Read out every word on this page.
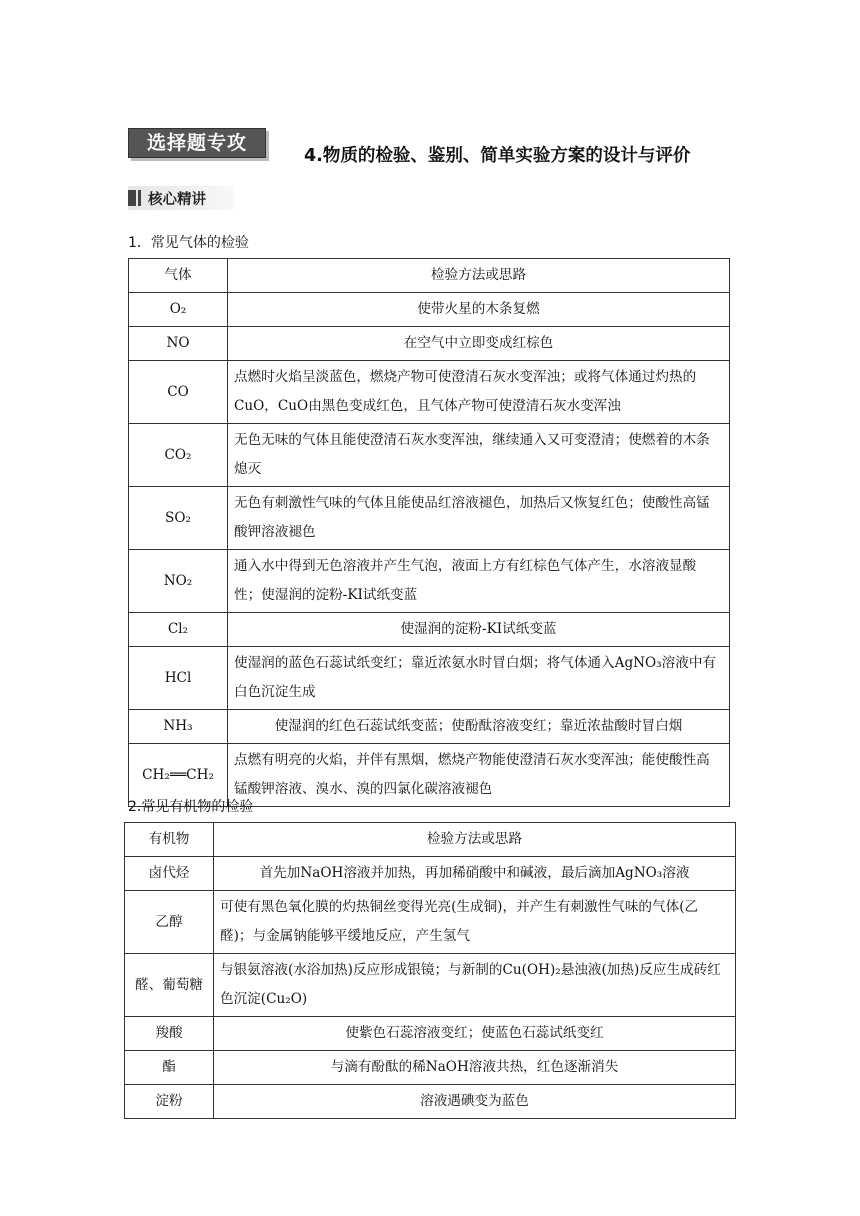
选择题专攻
4.物质的检验、鉴别、简单实验方案的设计与评价
核心精讲
1．常见气体的检验
气体	检验方法或思路
O₂	使带火星的木条复燃
NO	在空气中立即变成红棕色
CO	点燃时火焰呈淡蓝色，燃烧产物可使澄清石灰水变浑浊；或将气体通过灼热的CuO，CuO由黑色变成红色，且气体产物可使澄清石灰水变浑浊
CO₂	无色无味的气体且能使澄清石灰水变浑浊，继续通入又可变澄清；使燃着的木条熄灭
SO₂	无色有刺激性气味的气体且能使品红溶液褪色，加热后又恢复红色；使酸性高锰酸钾溶液褪色
NO₂	通入水中得到无色溶液并产生气泡，液面上方有红棕色气体产生，水溶液显酸性；使湿润的淀粉-KI试纸变蓝
Cl₂	使湿润的淀粉-KI试纸变蓝
HCl	使湿润的蓝色石蕊试纸变红；靠近浓氨水时冒白烟；将气体通入AgNO₃溶液中有白色沉淀生成
NH₃	使湿润的红色石蕊试纸变蓝；使酚酞溶液变红；靠近浓盐酸时冒白烟
CH₂══CH₂	点燃有明亮的火焰，并伴有黑烟，燃烧产物能使澄清石灰水变浑浊；能使酸性高锰酸钾溶液、溴水、溴的四氯化碳溶液褪色
2.常见有机物的检验
有机物	检验方法或思路
卤代烃	首先加NaOH溶液并加热，再加稀硝酸中和碱液，最后滴加AgNO₃溶液
乙醇	可使有黑色氧化膜的灼热铜丝变得光亮(生成铜)，并产生有刺激性气味的气体(乙醛)；与金属钠能够平缓地反应，产生氢气
醛、葡萄糖	与银氨溶液(水浴加热)反应形成银镜；与新制的Cu(OH)₂悬浊液(加热)反应生成砖红色沉淀(Cu₂O)
羧酸	使紫色石蕊溶液变红；使蓝色石蕊试纸变红
酯	与滴有酚酞的稀NaOH溶液共热，红色逐渐消失
淀粉	溶液遇碘变为蓝色
